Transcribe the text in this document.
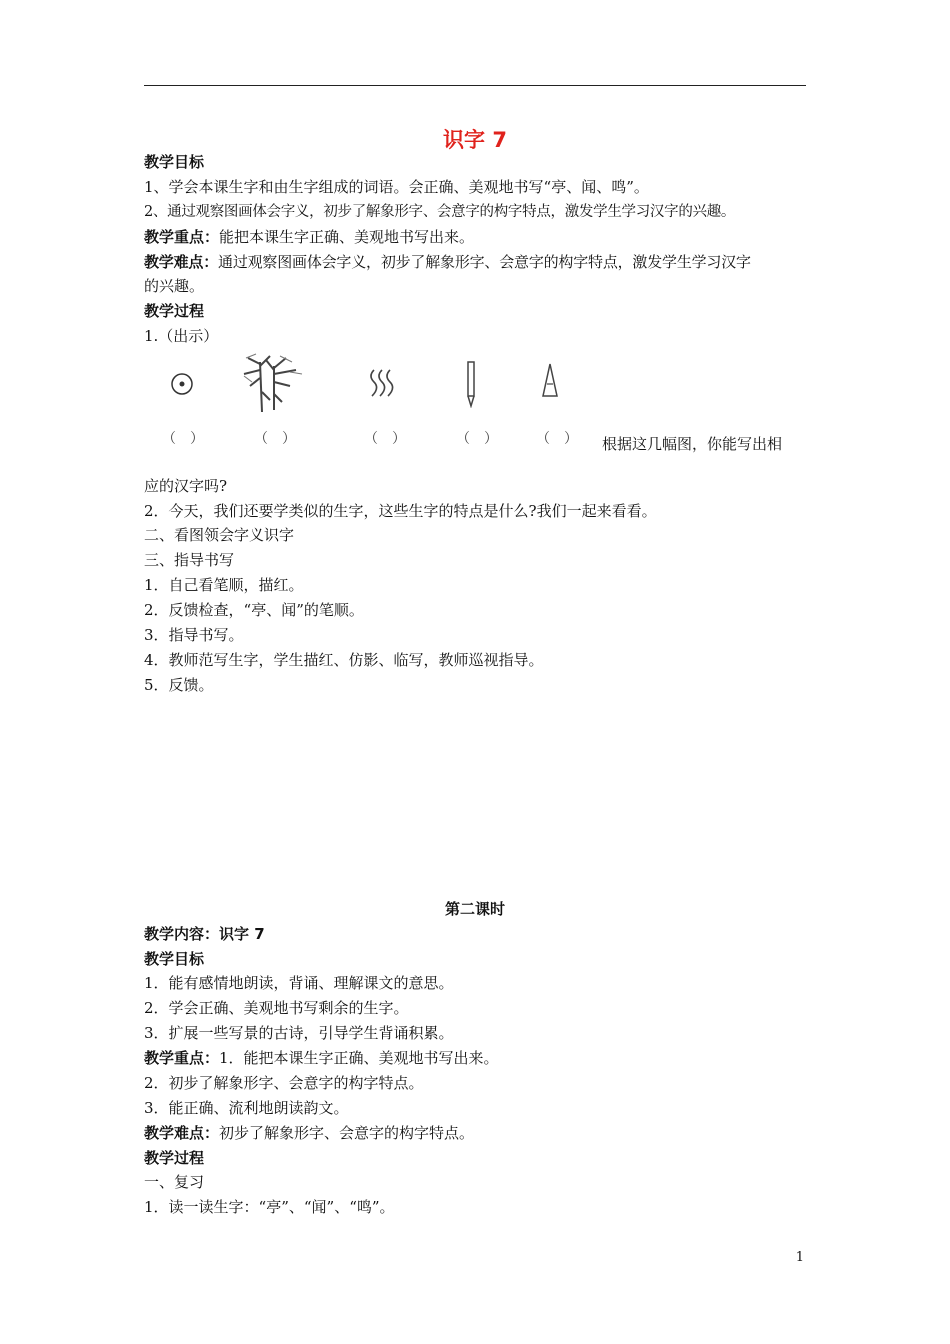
识字 7
教学目标
1、学会本课生字和由生字组成的词语。会正确、美观地书写“亭、闻、鸣”。
2、通过观察图画体会字义，初步了解象形字、会意字的构字特点，激发学生学习汉字的兴趣。
教学重点：能把本课生字正确、美观地书写出来。
教学难点：通过观察图画体会字义，初步了解象形字、会意字的构字特点，激发学生学习汉字
的兴趣。
教学过程
1.（出示）
（　）	（　）	（　）	（　）	（　） 根据这几幅图，你能写出相
应的汉字吗?
2．今天，我们还要学类似的生字，这些生字的特点是什么?我们一起来看看。
二、看图领会字义识字
三、指导书写
1．自己看笔顺，描红。
2．反馈检查，“亭、闻”的笔顺。
3．指导书写。
4．教师范写生字，学生描红、仿影、临写，教师巡视指导。
5．反馈。
第二课时
教学内容：识字 7
教学目标
1．能有感情地朗读，背诵、理解课文的意思。
2．学会正确、美观地书写剩余的生字。
3．扩展一些写景的古诗，引导学生背诵积累。
教学重点：1．能把本课生字正确、美观地书写出来。
2．初步了解象形字、会意字的构字特点。
3．能正确、流利地朗读韵文。
教学难点：初步了解象形字、会意字的构字特点。
教学过程
一、复习
1．读一读生字：“亭”、“闻”、“鸣”。
1
